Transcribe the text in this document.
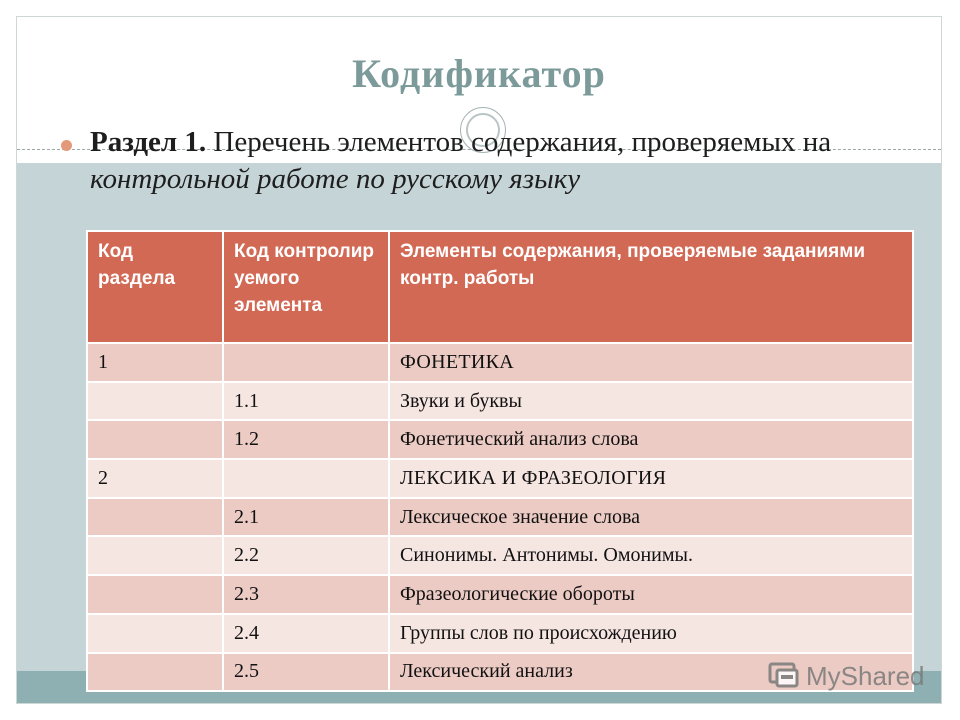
Кодификатор
Раздел 1. Перечень элементов содержания, проверяемых на контрольной работе по русскому языку
Код раздела	Код контролир уемого элемента	Элементы содержания, проверяемые заданиями контр. работы
1		ФОНЕТИКА
	1.1	Звуки и буквы
	1.2	Фонетический анализ слова
2		ЛЕКСИКА И ФРАЗЕОЛОГИЯ
	2.1	Лексическое значение слова
	2.2	Синонимы. Антонимы. Омонимы.
	2.3	Фразеологические обороты
	2.4	Группы слов по происхождению
	2.5	Лексический анализ	MyShared
